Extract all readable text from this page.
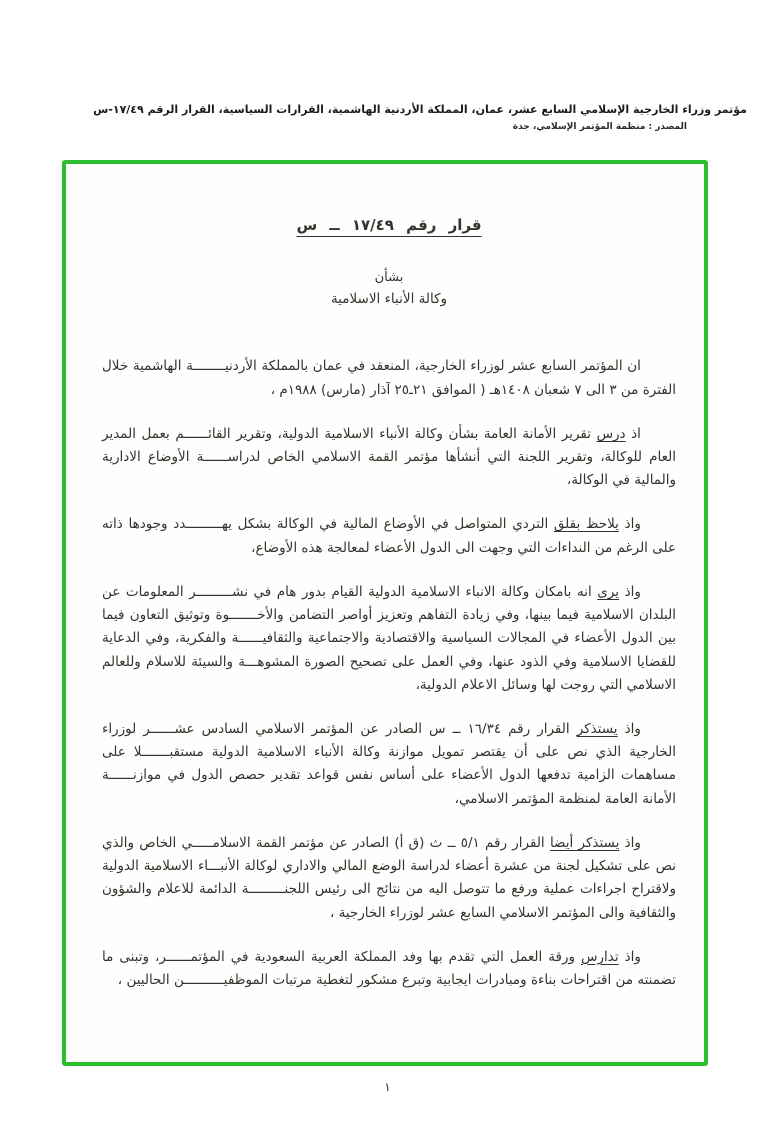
مؤتمر وزراء الخارجية الإسلامي السابع عشر، عمان، المملكة الأردنية الهاشمية، القرارات السياسية، القرار الرقم ١٧/٤٩-س
المصدر : منظمة المؤتمر الإسلامي، جدة
قرار رقم ١٧/٤٩ ــ س
بشأن
وكالة الأنباء الاسلامية

ان المؤتمر السابع عشر لوزراء الخارجية، المنعقد في عمان بالمملكة الأردنيــــــــة الهاشمية خلال الفترة من ٣ الى ٧ شعبان ١٤٠٨هـ ( الموافق ٢١ـ٢٥ آذار (مارس) ١٩٨٨م ،

اذ درس تقرير الأمانة العامة بشأن وكالة الأنباء الاسلامية الدولية، وتقرير القائــــــم بعمل المدير العام للوكالة، وتقرير اللجنة التي أنشأها مؤتمر القمة الاسلامي الخاص لدراســــــة الأوضاع الادارية والمالية في الوكالة،

واذ يلاحظ بقلق التردي المتواصل في الأوضاع المالية في الوكالة بشكل يهـــــــــدد وجودها ذاته على الرغم من النداءات التي وجهت الى الدول الأعضاء لمعالجة هذه الأوضاع،

واذ يرى انه بامكان وكالة الانباء الاسلامية الدولية القيام بدور هام في نشـــــــــر المعلومات عن البلدان الاسلامية فيما بينها، وفي زيادة التفاهم وتعزيز أواصر التضامن والأخـــــــوة وتوثيق التعاون فيما بين الدول الأعضاء في المجالات السياسية والاقتصادية والاجتماعية والثقافيــــــة والفكرية، وفي الدعاية للقضايا الاسلامية وفي الذود عنها، وفي العمل على تصحيح الصورة المشوهـــة والسيئة للاسلام وللعالم الاسلامي التي روجت لها وسائل الاعلام الدولية،

واذ يستذكر القرار رقم ١٦/٣٤ ــ س الصادر عن المؤتمر الاسلامي السادس عشــــــر لوزراء الخارجية الذي نص على أن يقتصر تمويل موازنة وكالة الأنباء الاسلامية الدولية مستقبـــــــلا على مساهمات الزامية تدفعها الدول الأعضاء على أساس نفس قواعد تقدير حصص الدول في موازنــــــة الأمانة العامة لمنظمة المؤتمر الاسلامي،

واذ يستذكر أيضا القرار رقم ٥/١ ــ ث (ق أ) الصادر عن مؤتمر القمة الاسلامـــــي الخاص والذي نص على تشكيل لجنة من عشرة أعضاء لدراسة الوضع المالي والاداري لوكالة الأنبـــاء الاسلامية الدولية ولاقتراح اجراءات عملية ورفع ما تتوصل اليه من نتائج الى رئيس اللجنـــــــــة الدائمة للاعلام والشؤون والثقافية والى المؤتمر الاسلامي السابع عشر لوزراء الخارجية ،

واذ تدارس ورقة العمل التي تقدم بها وفد المملكة العربية السعودية في المؤتمــــــر، وتبنى ما تضمنته من اقتراحات بناءة ومبادرات ايجابية وتبرع مشكور لتغطية مرتبات الموظفيــــــــــن الحاليين ،

١
